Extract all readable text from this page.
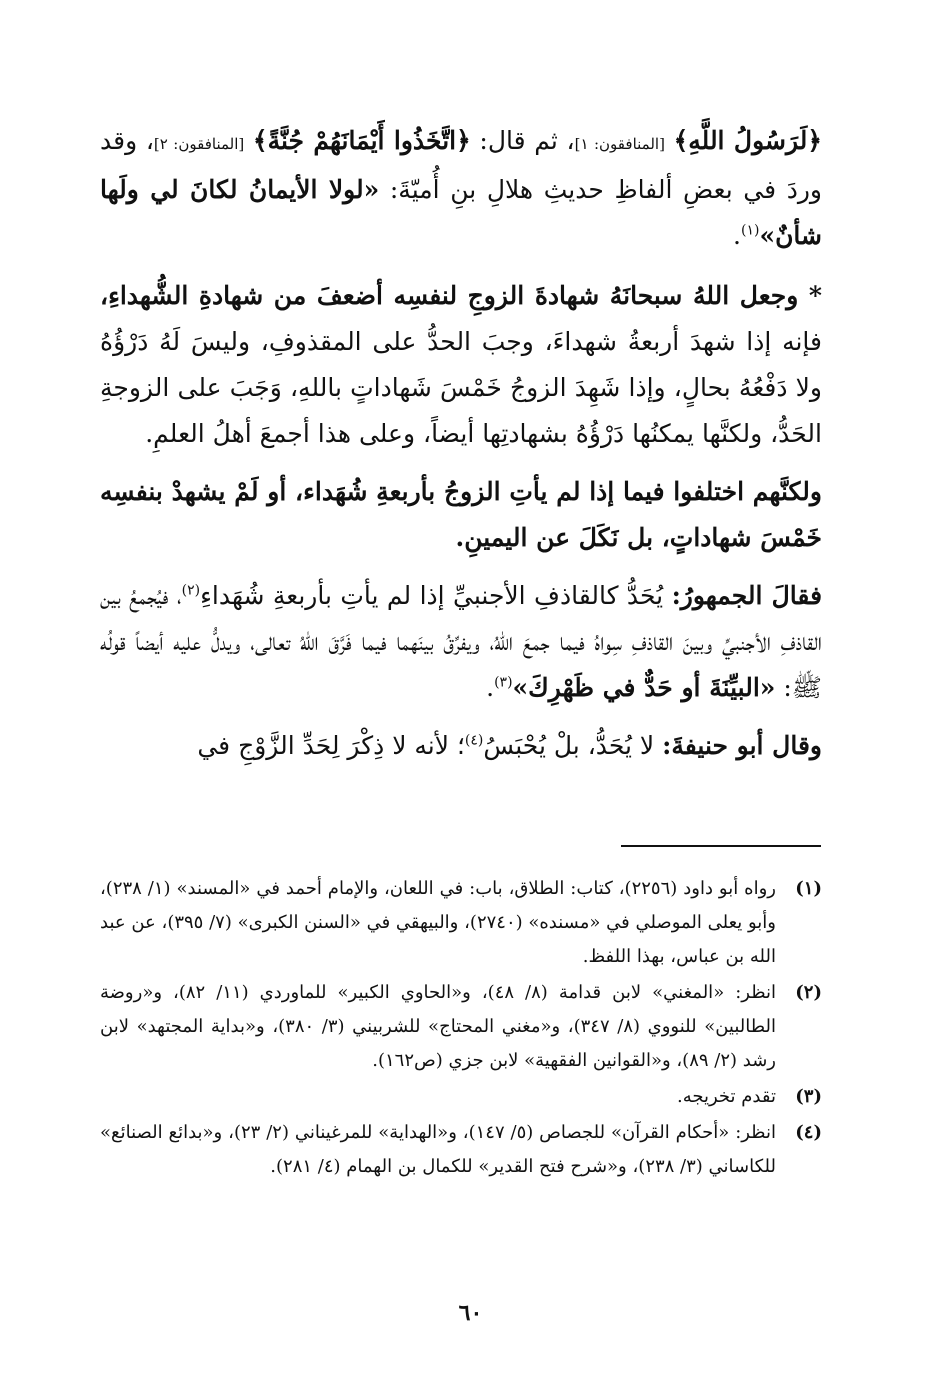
﴿لَرَسُولُ اللَّهِ﴾ [المنافقون: ١]، ثم قال: ﴿اتَّخَذُوا أَيْمَانَهُمْ جُنَّةً﴾ [المنافقون: ٢]، وقد وردَ في بعضِ ألفاظِ حديثِ هلالِ بنِ أُميّةَ: «لولا الأيمانُ لكانَ لي ولَها شأنٌ»$^{(١)}$.

* وجعل اللهُ سبحانَهُ شهادةَ الزوجِ لنفسِه أضعفَ من شهادةِ الشُّهداءِ، فإنه إذا شهدَ أربعةُ شهداءَ، وجبَ الحدُّ على المقذوفِ، وليسَ لَهُ دَرْؤُهُ ولا دَفْعُهُ بحالٍ، وإذا شَهِدَ الزوجُ خَمْسَ شَهاداتٍ باللهِ، وَجَبَ على الزوجةِ الحَدُّ، ولكنَّها يمكنُها دَرْؤُهُ بشهادتِها أيضاً، وعلى هذا أجمعَ أهلُ العلمِ.

ولكنَّهم اختلفوا فيما إذا لم يأتِ الزوجُ بأربعةِ شُهَداء، أو لَمْ يشهدْ بنفسِه خَمْسَ شهاداتٍ، بل نَكَلَ عن اليمينِ.

فقالَ الجمهورُ: يُحَدُّ كالقاذفِ الأجنبيِّ إذا لم يأتِ بأربعةِ شُهَداءِ$^{(٢)}$، فيُجمعُ بين القاذفِ الأجنبيِّ وبينَ القاذفِ سِواهُ فيما جمعَ اللهُ، ويفرِّقُ بينَهما فيما فَرَّقَ اللهُ تعالى، ويدلُّ عليه أيضاً قولُه ﷺ: «البيِّنَةَ أو حَدٌّ في ظَهْرِكَ»$^{(٣)}$.

وقال أبو حنيفةَ: لا يُحَدُّ، بلْ يُحْبَسُ$^{(٤)}$؛ لأنه لا ذِكْرَ لِحَدِّ الزَّوْجِ في

(١)
رواه أبو داود (٢٢٥٦)، كتاب: الطلاق، باب: في اللعان، والإمام أحمد في «المسند» (١/ ٢٣٨)، وأبو يعلى الموصلي في «مسنده» (٢٧٤٠)، والبيهقي في «السنن الكبرى» (٧/ ٣٩٥)، عن عبد الله بن عباس، بهذا اللفظ.
(٢)
انظر: «المغني» لابن قدامة (٨/ ٤٨)، و«الحاوي الكبير» للماوردي (١١/ ٨٢)، و«روضة الطالبين» للنووي (٨/ ٣٤٧)، و«مغني المحتاج» للشربيني (٣/ ٣٨٠)، و«بداية المجتهد» لابن رشد (٢/ ٨٩)، و«القوانين الفقهية» لابن جزي (ص١٦٢).
(٣)
تقدم تخريجه.
(٤)
انظر: «أحكام القرآن» للجصاص (٥/ ١٤٧)، و«الهداية» للمرغيناني (٢/ ٢٣)، و«بدائع الصنائع» للكاساني (٣/ ٢٣٨)، و«شرح فتح القدير» للكمال بن الهمام (٤/ ٢٨١).
٦٠
